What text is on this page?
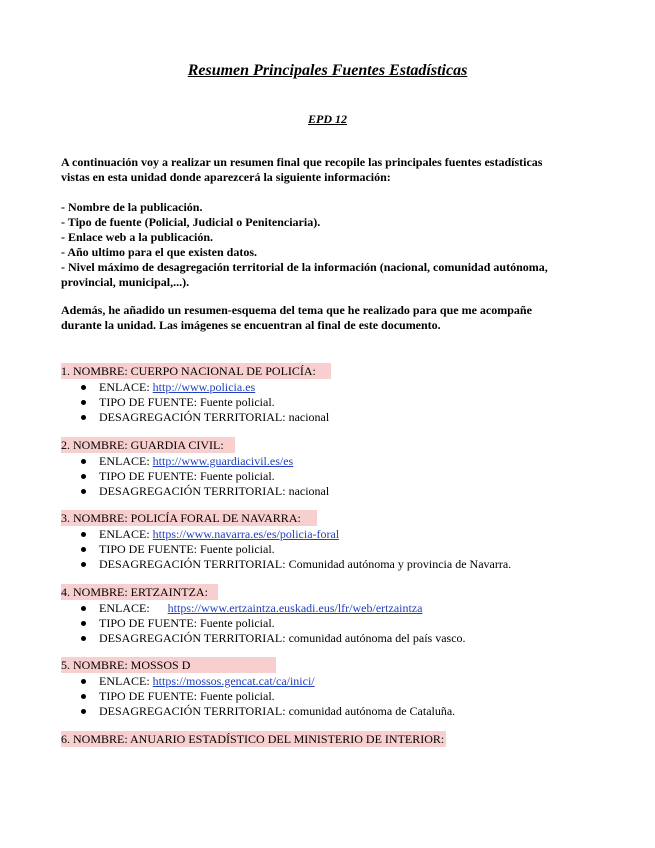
Resumen Principales Fuentes Estadísticas
EPD 12
A continuación voy a realizar un resumen final que recopile las principales fuentes estadísticas
vistas en esta unidad donde aparezcerá la siguiente información:
- Nombre de la publicación.
- Tipo de fuente (Policial, Judicial o Penitenciaria).
- Enlace web a la publicación.
- Año ultimo para el que existen datos.
- Nivel máximo de desagregación territorial de la información (nacional, comunidad autónoma,
provincial, municipal,...).
Además, he añadido un resumen-esquema del tema que he realizado para que me acompañe
durante la unidad. Las imágenes se encuentran al final de este documento.
1. NOMBRE: CUERPO NACIONAL DE POLICÍA:
ENLACE: http://www.policia.es
TIPO DE FUENTE: Fuente policial.
DESAGREGACIÓN TERRITORIAL: nacional
2. NOMBRE: GUARDIA CIVIL:
ENLACE: http://www.guardiacivil.es/es
TIPO DE FUENTE: Fuente policial.
DESAGREGACIÓN TERRITORIAL: nacional
3. NOMBRE: POLICÍA FORAL DE NAVARRA:
ENLACE: https://www.navarra.es/es/policia-foral
TIPO DE FUENTE: Fuente policial.
DESAGREGACIÓN TERRITORIAL: Comunidad autónoma y provincia de Navarra.
4. NOMBRE: ERTZAINTZA:
ENLACE:      https://www.ertzaintza.euskadi.eus/lfr/web/ertzaintza
TIPO DE FUENTE: Fuente policial.
DESAGREGACIÓN TERRITORIAL: comunidad autónoma del país vasco.
5. NOMBRE: MOSSOS D
ENLACE: https://mossos.gencat.cat/ca/inici/
TIPO DE FUENTE: Fuente policial.
DESAGREGACIÓN TERRITORIAL: comunidad autónoma de Cataluña.
6. NOMBRE: ANUARIO ESTADÍSTICO DEL MINISTERIO DE INTERIOR:
